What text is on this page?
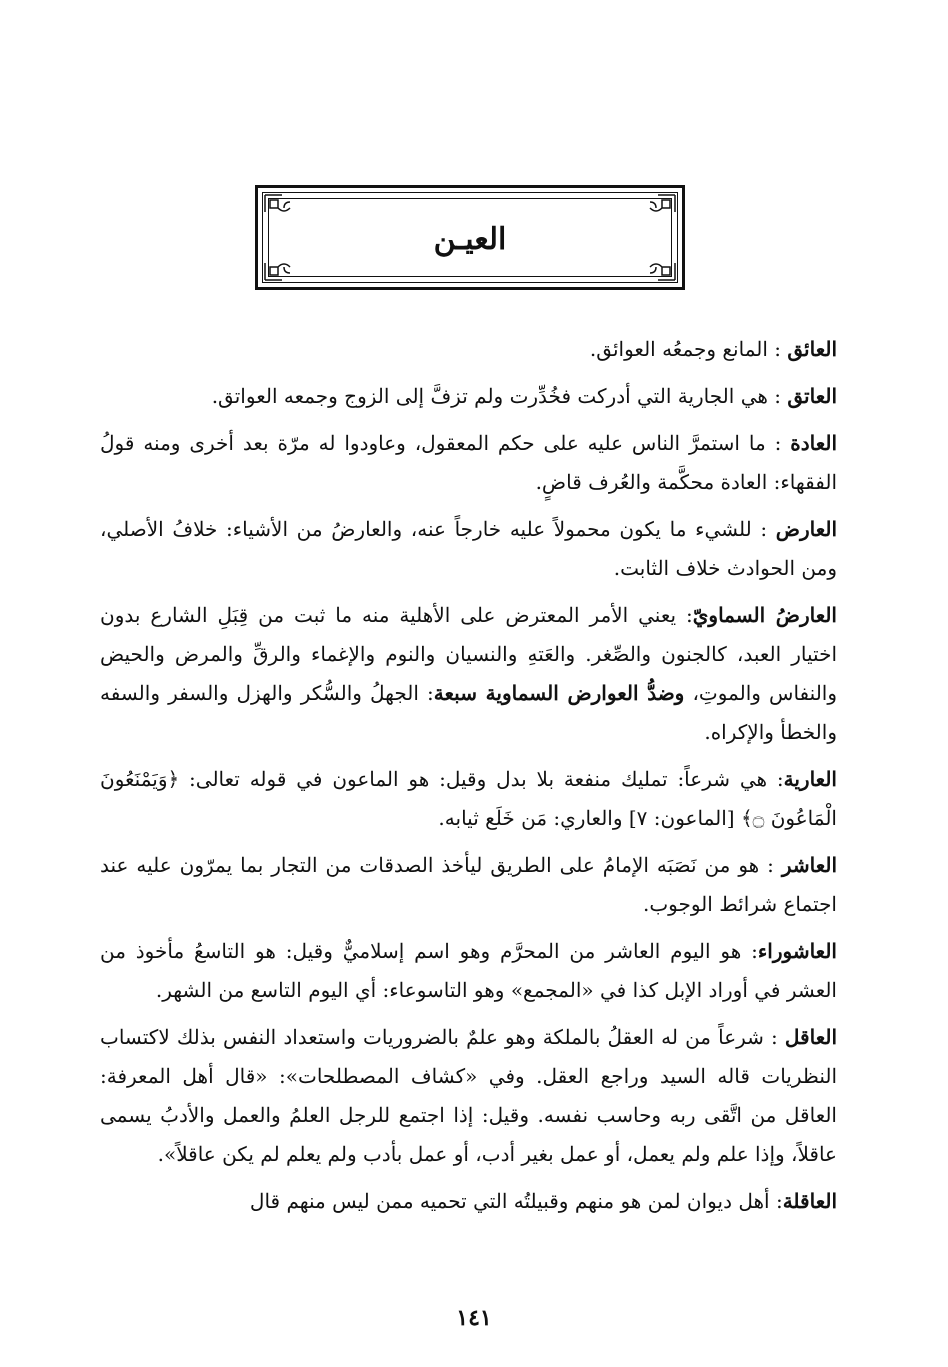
العيـن

العائق : المانع وجمعُه العوائق.

العاتق : هي الجارية التي أدركت فخُدِّرت ولم تزفَّ إلى الزوج وجمعه العواتق.

العادة : ما استمرَّ الناس عليه على حكم المعقول، وعاودوا له مرّة بعد أخرى ومنه قولُ الفقهاء: العادة محكَّمة والعُرف قاضٍ.

العارض : للشيء ما يكون محمولاً عليه خارجاً عنه، والعارضُ من الأشياء: خلافُ الأصلي، ومن الحوادث خلاف الثابت.

العارضُ السماويّ: يعني الأمر المعترض على الأهلية منه ما ثبت من قِبَلِ الشارع بدون اختيار العبد، كالجنون والصِّغر. والعَتهِ والنسيان والنوم والإغماء والرقِّ والمرض والحيض والنفاس والموتِ، وضدُّ العوارض السماوية سبعة: الجهلُ والسُّكر والهزل والسفر والسفه والخطأ والإكراه.

العارية: هي شرعاً: تمليك منفعة بلا بدل وقيل: هو الماعون في قوله تعالى: ﴿وَيَمْنَعُونَ الْمَاعُونَ ۝﴾ [الماعون: ٧] والعاري: مَن خَلَع ثيابه.

العاشر : هو من نَصَبَه الإمامُ على الطريق ليأخذ الصدقات من التجار بما يمرّون عليه عند اجتماع شرائط الوجوب.

العاشوراء: هو اليوم العاشر من المحرَّم وهو اسم إسلاميٌّ وقيل: هو التاسعُ مأخوذ من العشر في أوراد الإبل كذا في «المجمع» وهو التاسوعاء: أي اليوم التاسع من الشهر.

العاقل : شرعاً من له العقلُ بالملكة وهو علمٌ بالضروريات واستعداد النفس بذلك لاكتساب النظريات قاله السيد وراجع العقل. وفي «كشاف المصطلحات»: «قال أهل المعرفة: العاقل من اتَّقى ربه وحاسب نفسه. وقيل: إذا اجتمع للرجل العلمُ والعمل والأدبُ يسمى عاقلاً، وإذا علم ولم يعمل، أو عمل بغير أدب، أو عمل بأدب ولم يعلم لم يكن عاقلاً».

العاقلة: أهل ديوان لمن هو منهم وقبيلتُه التي تحميه ممن ليس منهم قال

١٤١
